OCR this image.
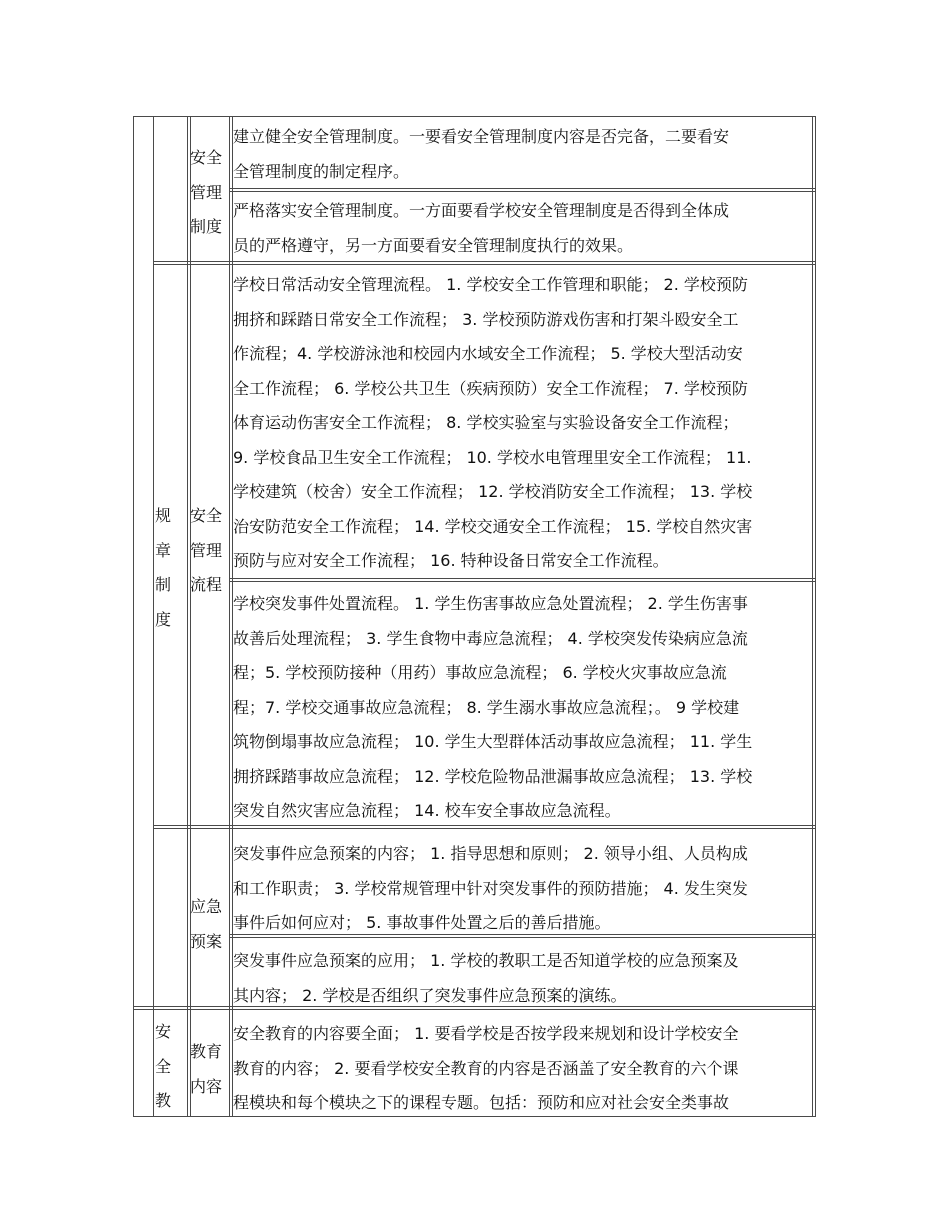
规章制度
安全教
安全管理制度
安全管理流程
应急预案
教育内容
建立健全安全管理制度。一要看安全管理制度内容是否完备，二要看安
全管理制度的制定程序。
严格落实安全管理制度。一方面要看学校安全管理制度是否得到全体成
员的严格遵守，另一方面要看安全管理制度执行的效果。
学校日常活动安全管理流程。 1. 学校安全工作管理和职能； 2. 学校预防
拥挤和踩踏日常安全工作流程； 3. 学校预防游戏伤害和打架斗殴安全工
作流程；4. 学校游泳池和校园内水域安全工作流程； 5. 学校大型活动安
全工作流程； 6. 学校公共卫生（疾病预防）安全工作流程； 7. 学校预防
体育运动伤害安全工作流程； 8. 学校实验室与实验设备安全工作流程；
9. 学校食品卫生安全工作流程； 10. 学校水电管理里安全工作流程； 11.
学校建筑（校舍）安全工作流程； 12. 学校消防安全工作流程； 13. 学校
治安防范安全工作流程； 14. 学校交通安全工作流程； 15. 学校自然灾害
预防与应对安全工作流程； 16. 特种设备日常安全工作流程。
学校突发事件处置流程。 1. 学生伤害事故应急处置流程； 2. 学生伤害事
故善后处理流程； 3. 学生食物中毒应急流程； 4. 学校突发传染病应急流
程；5. 学校预防接种（用药）事故应急流程； 6. 学校火灾事故应急流
程；7. 学校交通事故应急流程； 8. 学生溺水事故应急流程；。 9 学校建
筑物倒塌事故应急流程； 10. 学生大型群体活动事故应急流程； 11. 学生
拥挤踩踏事故应急流程； 12. 学校危险物品泄漏事故应急流程； 13. 学校
突发自然灾害应急流程； 14. 校车安全事故应急流程。
突发事件应急预案的内容； 1. 指导思想和原则； 2. 领导小组、人员构成
和工作职责； 3. 学校常规管理中针对突发事件的预防措施； 4. 发生突发
事件后如何应对； 5. 事故事件处置之后的善后措施。
突发事件应急预案的应用； 1. 学校的教职工是否知道学校的应急预案及
其内容； 2. 学校是否组织了突发事件应急预案的演练。
安全教育的内容要全面； 1. 要看学校是否按学段来规划和设计学校安全
教育的内容； 2. 要看学校安全教育的内容是否涵盖了安全教育的六个课
程模块和每个模块之下的课程专题。包括：预防和应对社会安全类事故
